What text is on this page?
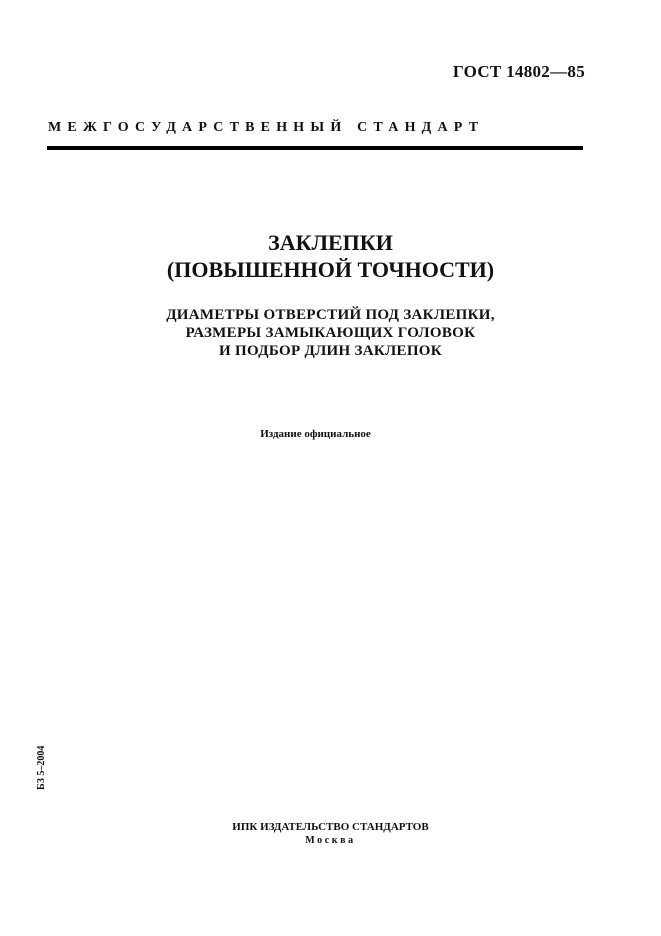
ГОСТ 14802—85
МЕЖГОСУДАРСТВЕННЫЙ СТАНДАРТ
ЗАКЛЕПКИ
(ПОВЫШЕННОЙ ТОЧНОСТИ)
ДИАМЕТРЫ ОТВЕРСТИЙ ПОД ЗАКЛЕПКИ,
РАЗМЕРЫ ЗАМЫКАЮЩИХ ГОЛОВОК
И ПОДБОР ДЛИН ЗАКЛЕПОК
Издание официальное
БЗ 5–2004
ИПК ИЗДАТЕЛЬСТВО СТАНДАРТОВ
Москва
